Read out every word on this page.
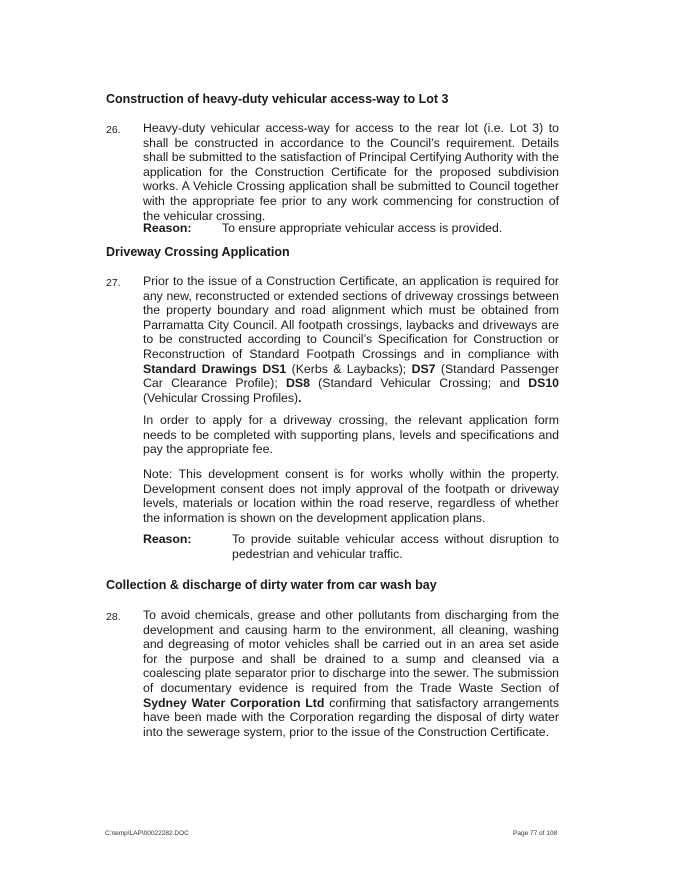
Construction of heavy-duty vehicular access-way to Lot 3
26. Heavy-duty vehicular access-way for access to the rear lot (i.e. Lot 3) to shall be constructed in accordance to the Council’s requirement. Details shall be submitted to the satisfaction of Principal Certifying Authority with the application for the Construction Certificate for the proposed subdivision works. A Vehicle Crossing application shall be submitted to Council together with the appropriate fee prior to any work commencing for construction of the vehicular crossing.
Reason: To ensure appropriate vehicular access is provided.
Driveway Crossing Application
27. Prior to the issue of a Construction Certificate, an application is required for any new, reconstructed or extended sections of driveway crossings between the property boundary and road alignment which must be obtained from Parramatta City Council. All footpath crossings, laybacks and driveways are to be constructed according to Council’s Specification for Construction or Reconstruction of Standard Footpath Crossings and in compliance with Standard Drawings DS1 (Kerbs & Laybacks); DS7 (Standard Passenger Car Clearance Profile); DS8 (Standard Vehicular Crossing; and DS10 (Vehicular Crossing Profiles).
In order to apply for a driveway crossing, the relevant application form needs to be completed with supporting plans, levels and specifications and pay the appropriate fee.
Note: This development consent is for works wholly within the property. Development consent does not imply approval of the footpath or driveway levels, materials or location within the road reserve, regardless of whether the information is shown on the development application plans.
Reason:	To provide suitable vehicular access without disruption to pedestrian and vehicular traffic.
Collection & discharge of dirty water from car wash bay
28. To avoid chemicals, grease and other pollutants from discharging from the development and causing harm to the environment, all cleaning, washing and degreasing of motor vehicles shall be carried out in an area set aside for the purpose and shall be drained to a sump and cleansed via a coalescing plate separator prior to discharge into the sewer. The submission of documentary evidence is required from the Trade Waste Section of Sydney Water Corporation Ltd confirming that satisfactory arrangements have been made with the Corporation regarding the disposal of dirty water into the sewerage system, prior to the issue of the Construction Certificate.
C:\temp\LAP\00022282.DOC	Page 77 of 108
